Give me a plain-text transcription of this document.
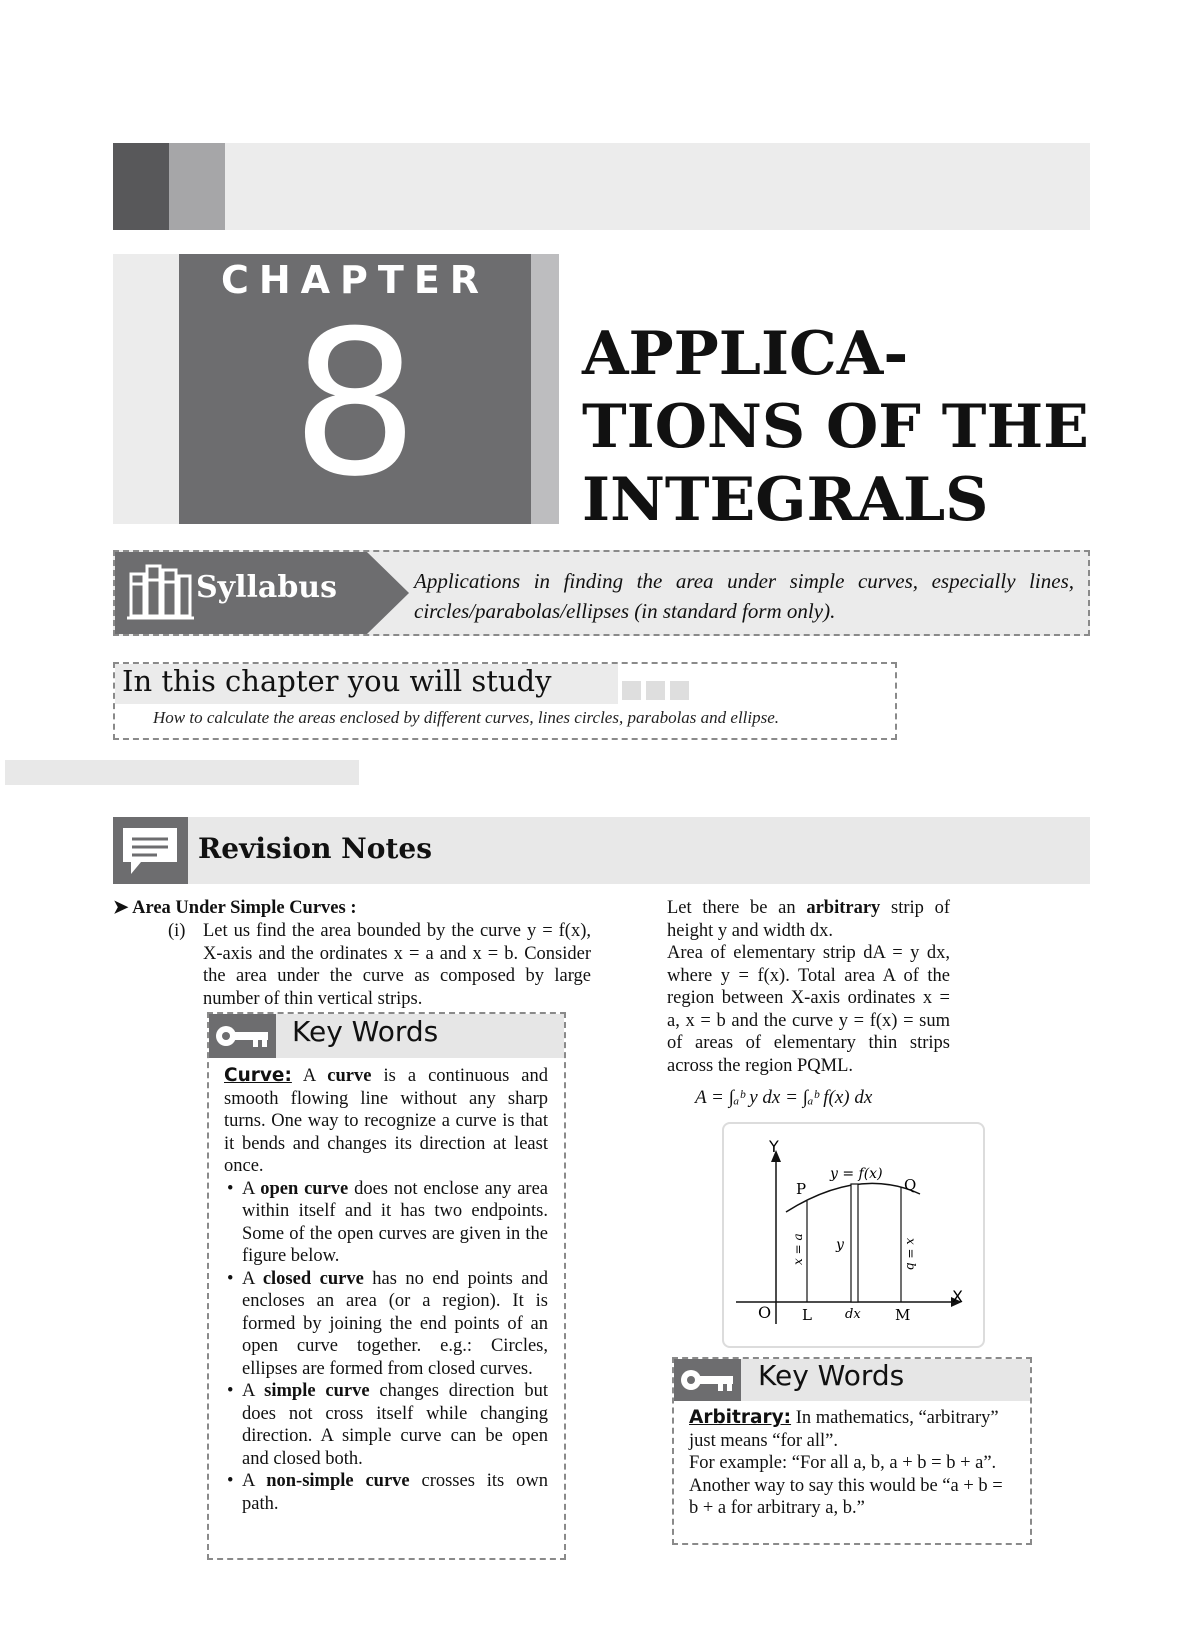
CHAPTER
8	APPLICA-
TIONS OF THE
INTEGRALS
Syllabus	Applications in finding the area under simple curves, especially lines, circles/parabolas/ellipses (in standard form only).
In this chapter you will study
How to calculate the areas enclosed by different curves, lines circles, parabolas and ellipse.
Revision Notes
➤ Area Under Simple Curves :
(i) Let us find the area bounded by the curve y = f(x), X-axis and the ordinates x = a and x = b. Consider the area under the curve as composed by large number of thin vertical strips.
Key Words
Curve: A curve is a continuous and smooth flowing line without any sharp turns. One way to recognize a curve is that it bends and changes its direction at least once.
• A open curve does not enclose any area within itself and it has two endpoints. Some of the open curves are given in the figure below.
• A closed curve has no end points and encloses an area (or a region). It is formed by joining the end points of an open curve together. e.g.: Circles, ellipses are formed from closed curves.
• A simple curve changes direction but does not cross itself while changing direction. A simple curve can be open and closed both.
• A non-simple curve crosses its own path.
Let there be an arbitrary strip of height y and width dx.
Area of elementary strip dA = y dx, where y = f(x). Total area A of the region between X-axis ordinates x = a, x = b and the curve y = f(x) = sum of areas of elementary thin strips across the region PQML.
A = ∫ₐᵇ y dx = ∫ₐᵇ f(x) dx
Y
X
O
y = f(x)
P	Q
L	M
dx
y
x = a	x = b
Key Words
Arbitrary: In mathematics, “arbitrary” just means “for all”.
For example: “For all a, b, a + b = b + a”.
Another way to say this would be “a + b = b + a for arbitrary a, b.”
